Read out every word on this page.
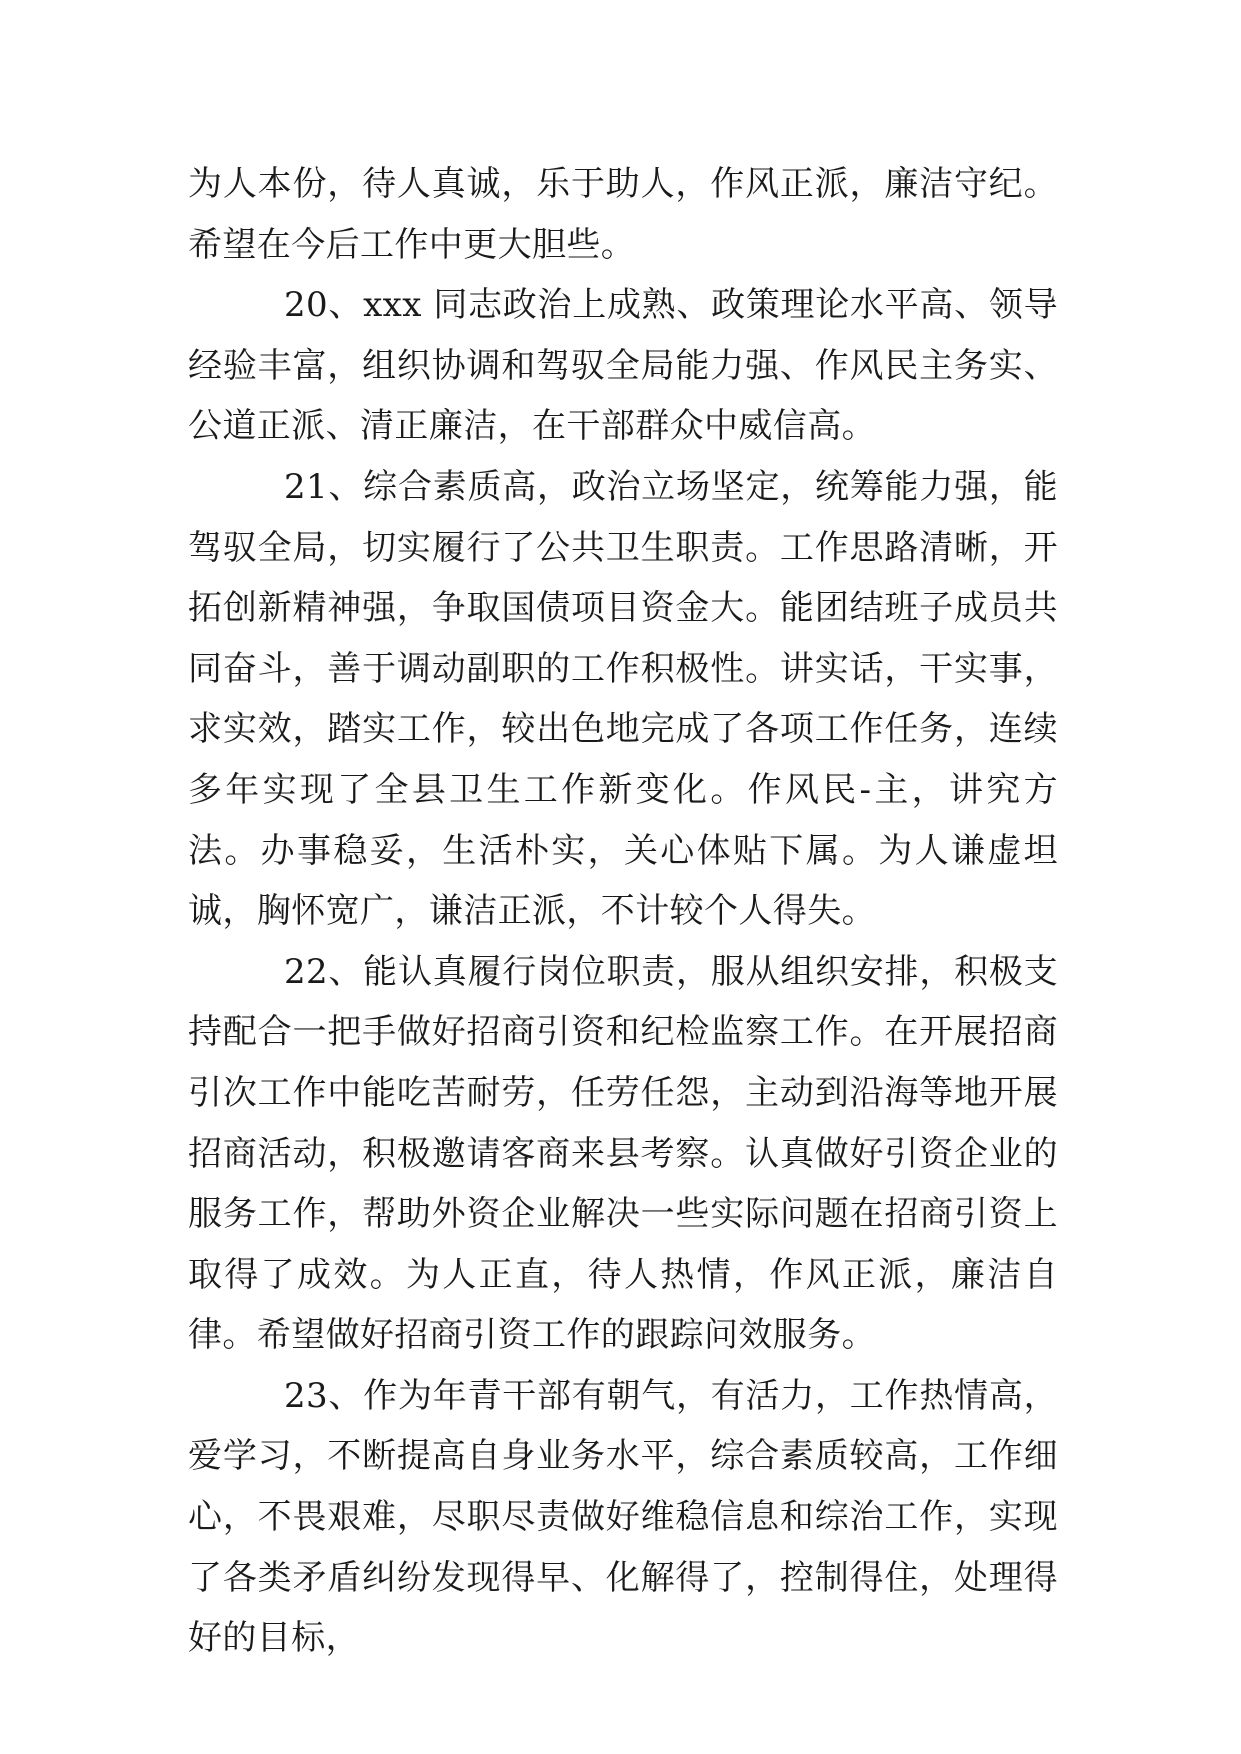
为人本份，待人真诚，乐于助人，作风正派，廉洁守纪。希望在今后工作中更大胆些。

20、xxx 同志政治上成熟、政策理论水平高、领导经验丰富，组织协调和驾驭全局能力强、作风民主务实、公道正派、清正廉洁，在干部群众中威信高。

21、综合素质高，政治立场坚定，统筹能力强，能驾驭全局，切实履行了公共卫生职责。工作思路清晰，开拓创新精神强，争取国债项目资金大。能团结班子成员共同奋斗，善于调动副职的工作积极性。讲实话，干实事，求实效，踏实工作，较出色地完成了各项工作任务，连续多年实现了全县卫生工作新变化。作风民-主，讲究方法。办事稳妥，生活朴实，关心体贴下属。为人谦虚坦诚，胸怀宽广，谦洁正派，不计较个人得失。

22、能认真履行岗位职责，服从组织安排，积极支持配合一把手做好招商引资和纪检监察工作。在开展招商引次工作中能吃苦耐劳，任劳任怨，主动到沿海等地开展招商活动，积极邀请客商来县考察。认真做好引资企业的服务工作，帮助外资企业解决一些实际问题在招商引资上取得了成效。为人正直，待人热情，作风正派，廉洁自律。希望做好招商引资工作的跟踪问效服务。

23、作为年青干部有朝气，有活力，工作热情高，爱学习，不断提高自身业务水平，综合素质较高，工作细心，不畏艰难，尽职尽责做好维稳信息和综治工作，实现了各类矛盾纠纷发现得早、化解得了，控制得住，处理得好的目标，
